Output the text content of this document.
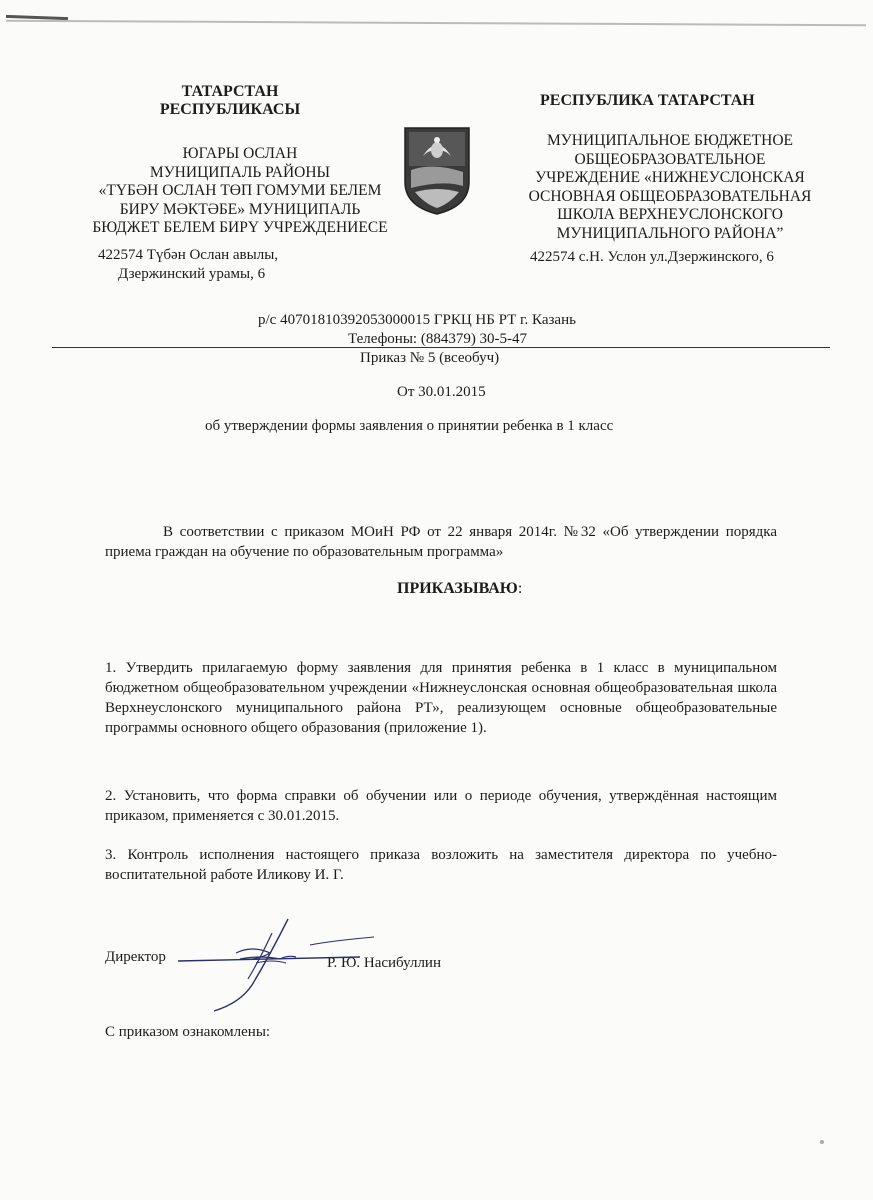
ТАТАРСТАН
РЕСПУБЛИКАСЫ
ЮГАРЫ ОСЛАН
МУНИЦИПАЛЬ РАЙОНЫ
«ТҮБӘН ОСЛАН ТӨП ГОМУМИ БЕЛЕМ
БИРУ МӘКТӘБЕ» МУНИЦИПАЛЬ
БЮДЖЕТ БЕЛЕМ БИРҮ УЧРЕЖДЕНИЕСЕ
422574 Түбән Ослан авылы,
Дзержинский урамы, 6
РЕСПУБЛИКА ТАТАРСТАН
МУНИЦИПАЛЬНОЕ БЮДЖЕТНОЕ
ОБЩЕОБРАЗОВАТЕЛЬНОЕ
УЧРЕЖДЕНИЕ «НИЖНЕУСЛОНСКАЯ
ОСНОВНАЯ ОБЩЕОБРАЗОВАТЕЛЬНАЯ
ШКОЛА ВЕРХНЕУСЛОНСКОГО
МУНИЦИПАЛЬНОГО РАЙОНА”
422574 с.Н. Услон ул.Дзержинского, 6
р/с 40701810392053000015 ГРКЦ НБ РТ г. Казань
Телефоны: (884379) 30-5-47
Приказ № 5 (всеобуч)
От 30.01.2015
об утверждении формы заявления о принятии ребенка в 1 класс
В соответствии с приказом МОиН РФ от 22 января 2014г. №32 «Об утверждении порядка приема граждан на обучение по образовательным программа»
ПРИКАЗЫВАЮ:
1. Утвердить прилагаемую форму заявления для принятия ребенка в 1 класс в муниципальном бюджетном общеобразовательном учреждении «Нижнеуслонская основная общеобразовательная школа Верхнеуслонского муниципального района РТ», реализующем основные общеобразовательные программы основного общего образования (приложение 1).
2. Установить, что форма справки об обучении или о периоде обучения, утверждённая настоящим приказом, применяется с 30.01.2015.
3. Контроль исполнения настоящего приказа возложить на заместителя директора по учебно-воспитательной работе Иликову И. Г.
Директор	Р. Ю. Насибуллин
С приказом ознакомлены:
